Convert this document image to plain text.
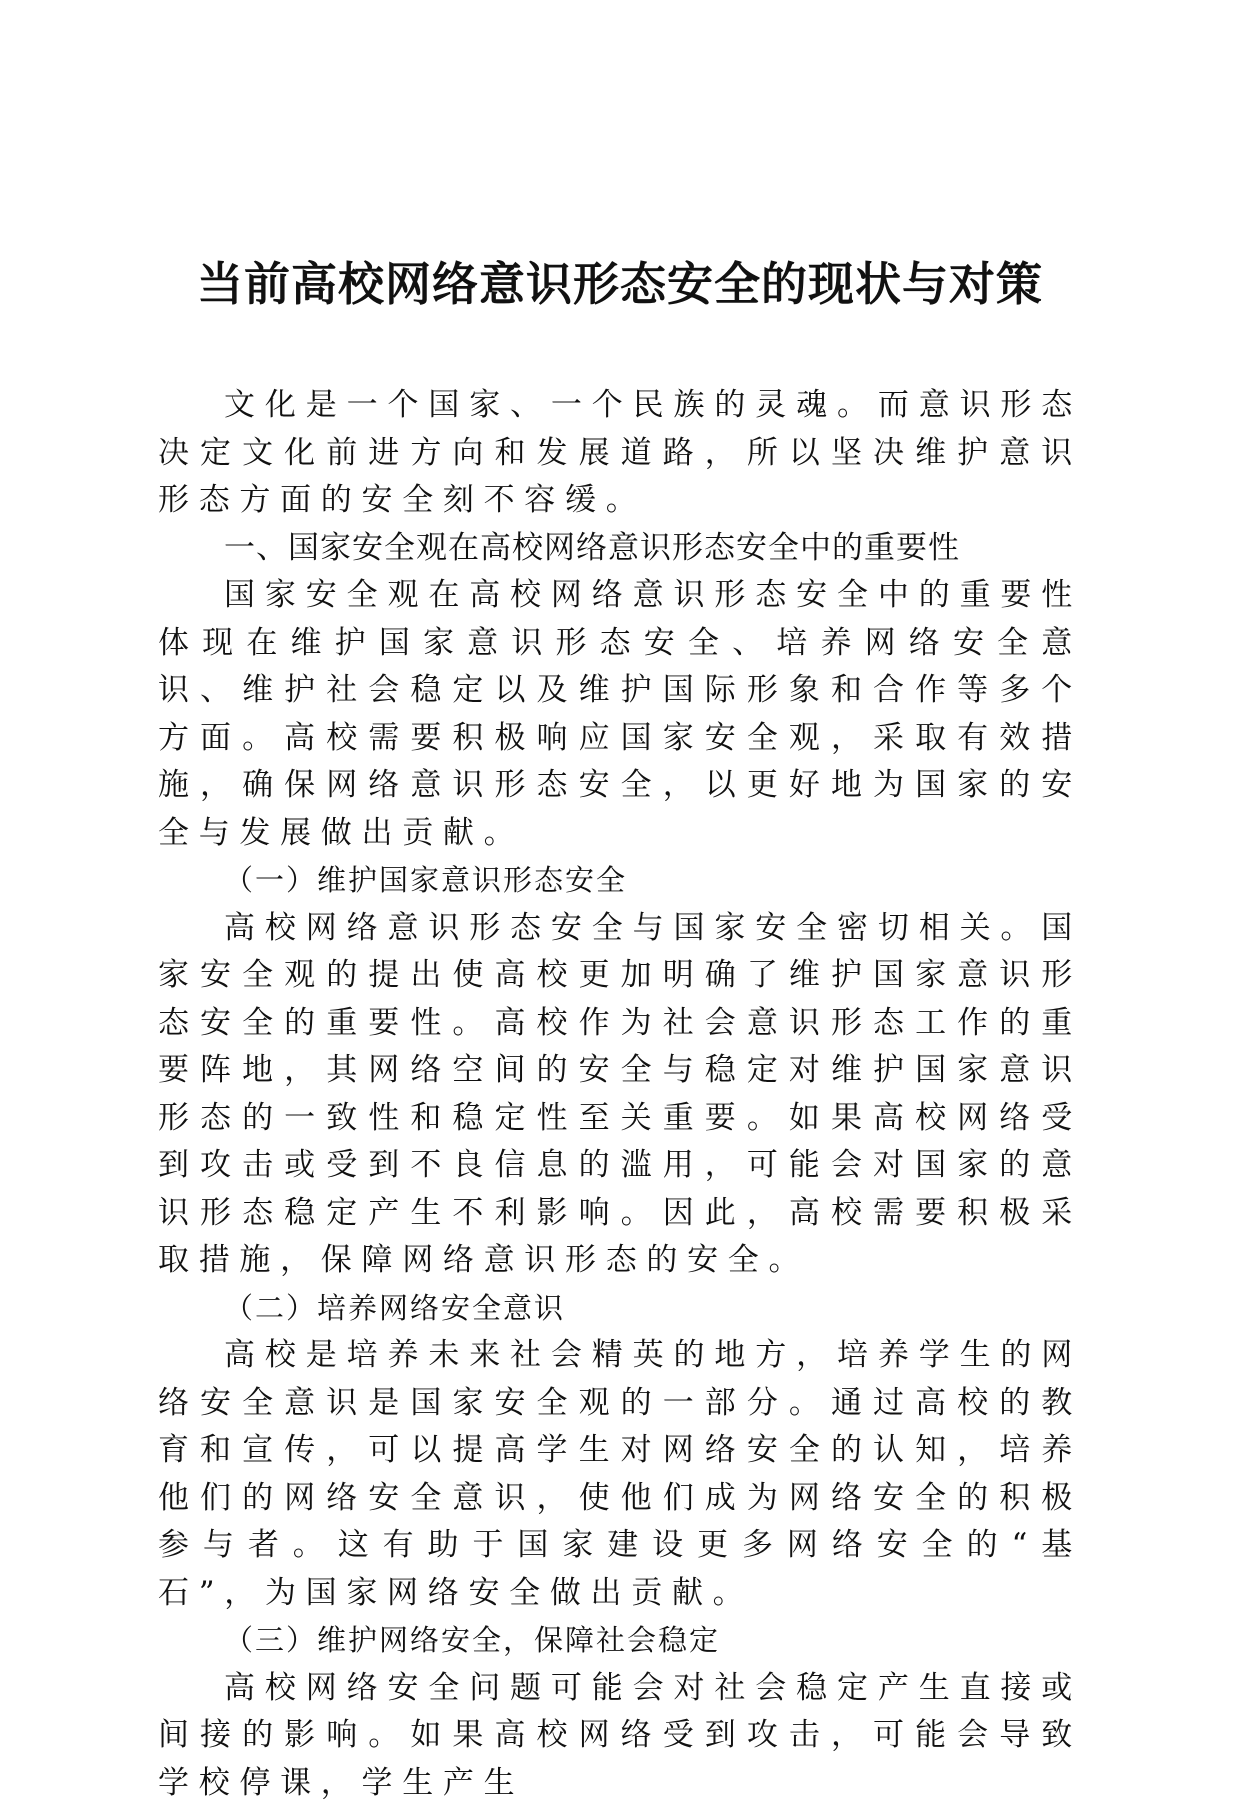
当前高校网络意识形态安全的现状与对策

文化是一个国家、一个民族的灵魂。而意识形态决定文化前进方向和发展道路，所以坚决维护意识形态方面的安全刻不容缓。

一、国家安全观在高校网络意识形态安全中的重要性

国家安全观在高校网络意识形态安全中的重要性体现在维护国家意识形态安全、培养网络安全意识、维护社会稳定以及维护国际形象和合作等多个方面。高校需要积极响应国家安全观，采取有效措施，确保网络意识形态安全，以更好地为国家的安全与发展做出贡献。

（一）维护国家意识形态安全

高校网络意识形态安全与国家安全密切相关。国家安全观的提出使高校更加明确了维护国家意识形态安全的重要性。高校作为社会意识形态工作的重要阵地，其网络空间的安全与稳定对维护国家意识形态的一致性和稳定性至关重要。如果高校网络受到攻击或受到不良信息的滥用，可能会对国家的意识形态稳定产生不利影响。因此，高校需要积极采取措施，保障网络意识形态的安全。

（二）培养网络安全意识

高校是培养未来社会精英的地方，培养学生的网络安全意识是国家安全观的一部分。通过高校的教育和宣传，可以提高学生对网络安全的认知，培养他们的网络安全意识，使他们成为网络安全的积极参与者。这有助于国家建设更多网络安全的“基石”，为国家网络安全做出贡献。

（三）维护网络安全，保障社会稳定

高校网络安全问题可能会对社会稳定产生直接或间接的影响。如果高校网络受到攻击，可能会导致学校停课，学生产生
